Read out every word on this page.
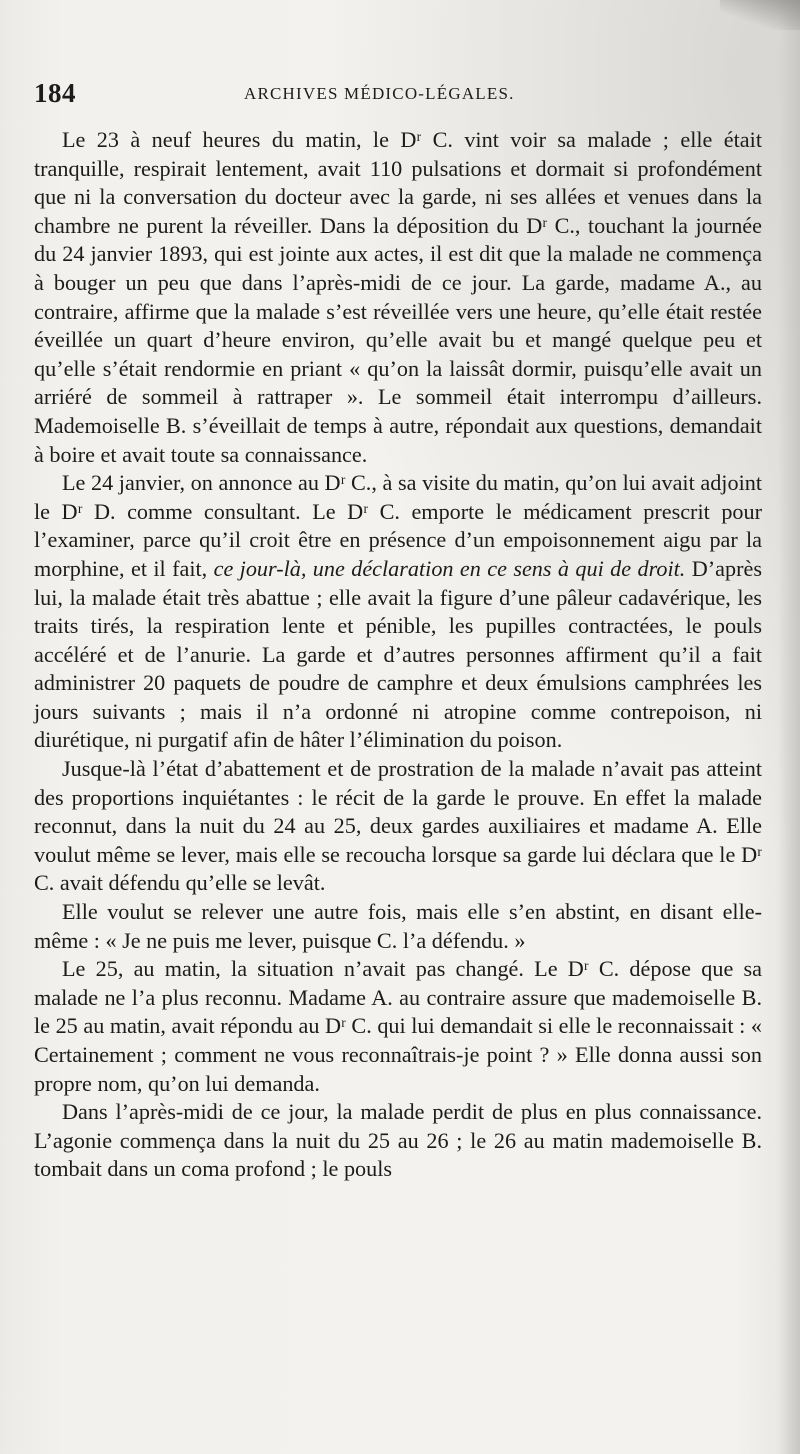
184	ARCHIVES MÉDICO-LÉGALES.

Le 23 à neuf heures du matin, le Dʳ C. vint voir sa malade ; elle était tranquille, respirait lentement, avait 110 pulsations et dormait si profondément que ni la conversation du docteur avec la garde, ni ses allées et venues dans la chambre ne purent la réveiller. Dans la déposition du Dʳ C., touchant la journée du 24 janvier 1893, qui est jointe aux actes, il est dit que la malade ne commença à bouger un peu que dans l’après-midi de ce jour. La garde, madame A., au contraire, affirme que la malade s’est réveillée vers une heure, qu’elle était restée éveillée un quart d’heure environ, qu’elle avait bu et mangé quelque peu et qu’elle s’était rendormie en priant « qu’on la laissât dormir, puisqu’elle avait un arriéré de sommeil à rattraper ». Le sommeil était interrompu d’ailleurs. Mademoiselle B. s’éveillait de temps à autre, répondait aux questions, demandait à boire et avait toute sa connaissance.

Le 24 janvier, on annonce au Dʳ C., à sa visite du matin, qu’on lui avait adjoint le Dʳ D. comme consultant. Le Dʳ C. emporte le médicament prescrit pour l’examiner, parce qu’il croit être en présence d’un empoisonnement aigu par la morphine, et il fait, ce jour-là, une déclaration en ce sens à qui de droit. D’après lui, la malade était très abattue ; elle avait la figure d’une pâleur cadavérique, les traits tirés, la respiration lente et pénible, les pupilles contractées, le pouls accéléré et de l’anurie. La garde et d’autres personnes affirment qu’il a fait administrer 20 paquets de poudre de camphre et deux émulsions camphrées les jours suivants ; mais il n’a ordonné ni atropine comme contrepoison, ni diurétique, ni purgatif afin de hâter l’élimination du poison.

Jusque-là l’état d’abattement et de prostration de la malade n’avait pas atteint des proportions inquiétantes : le récit de la garde le prouve. En effet la malade reconnut, dans la nuit du 24 au 25, deux gardes auxiliaires et madame A. Elle voulut même se lever, mais elle se recoucha lorsque sa garde lui déclara que le Dʳ C. avait défendu qu’elle se levât.

Elle voulut se relever une autre fois, mais elle s’en abstint, en disant elle-même : « Je ne puis me lever, puisque C. l’a défendu. »

Le 25, au matin, la situation n’avait pas changé. Le Dʳ C. dépose que sa malade ne l’a plus reconnu. Madame A. au contraire assure que mademoiselle B. le 25 au matin, avait répondu au Dʳ C. qui lui demandait si elle le reconnaissait : « Certainement ; comment ne vous reconnaîtrais-je point ? » Elle donna aussi son propre nom, qu’on lui demanda.

Dans l’après-midi de ce jour, la malade perdit de plus en plus connaissance. L’agonie commença dans la nuit du 25 au 26 ; le 26 au matin mademoiselle B. tombait dans un coma profond ; le pouls
